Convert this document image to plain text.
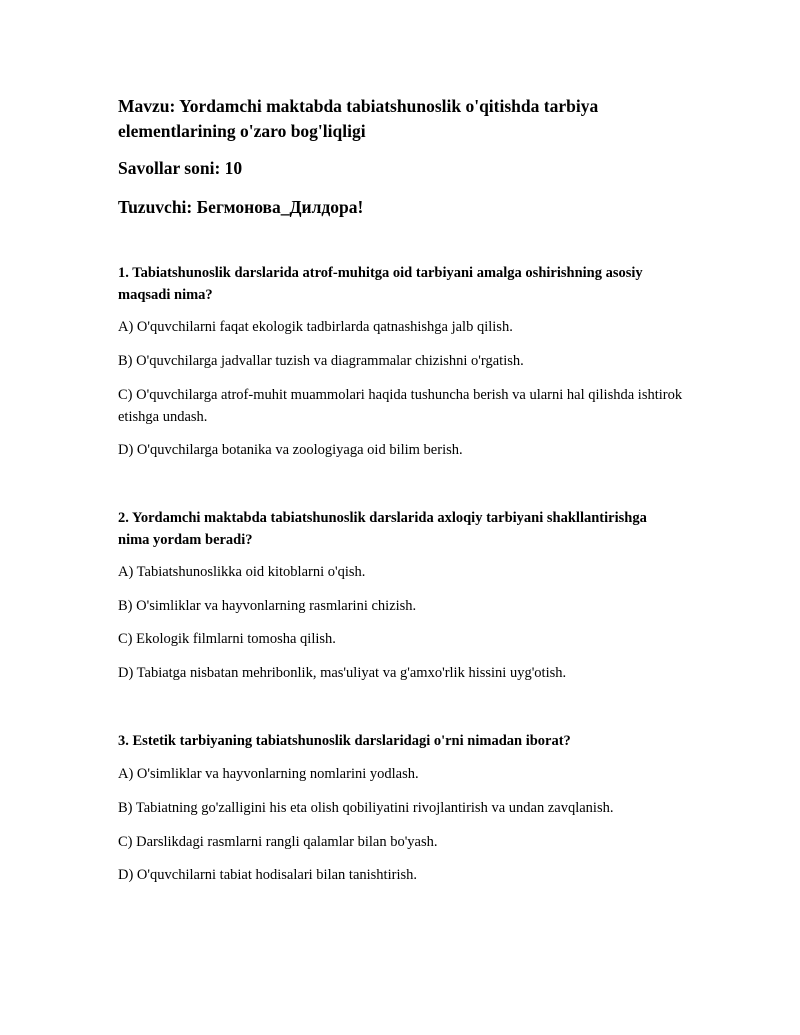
Mavzu: Yordamchi maktabda tabiatshunoslik o'qitishda tarbiya elementlarining o'zaro bog'liqligi

Savollar soni: 10

Tuzuvchi: Бегмонова_Дилдора!

1. Tabiatshunoslik darslarida atrof-muhitga oid tarbiyani amalga oshirishning asosiy maqsadi nima?

A) O'quvchilarni faqat ekologik tadbirlarda qatnashishga jalb qilish.

B) O'quvchilarga jadvallar tuzish va diagrammalar chizishni o'rgatish.

C) O'quvchilarga atrof-muhit muammolari haqida tushuncha berish va ularni hal qilishda ishtirok etishga undash.

D) O'quvchilarga botanika va zoologiyaga oid bilim berish.

2. Yordamchi maktabda tabiatshunoslik darslarida axloqiy tarbiyani shakllantirishga nima yordam beradi?

A) Tabiatshunoslikka oid kitoblarni o'qish.

B) O'simliklar va hayvonlarning rasmlarini chizish.

C) Ekologik filmlarni tomosha qilish.

D) Tabiatga nisbatan mehribonlik, mas'uliyat va g'amxo'rlik hissini uyg'otish.

3. Estetik tarbiyaning tabiatshunoslik darslaridagi o'rni nimadan iborat?

A) O'simliklar va hayvonlarning nomlarini yodlash.

B) Tabiatning go'zalligini his eta olish qobiliyatini rivojlantirish va undan zavqlanish.

C) Darslikdagi rasmlarni rangli qalamlar bilan bo'yash.

D) O'quvchilarni tabiat hodisalari bilan tanishtirish.
